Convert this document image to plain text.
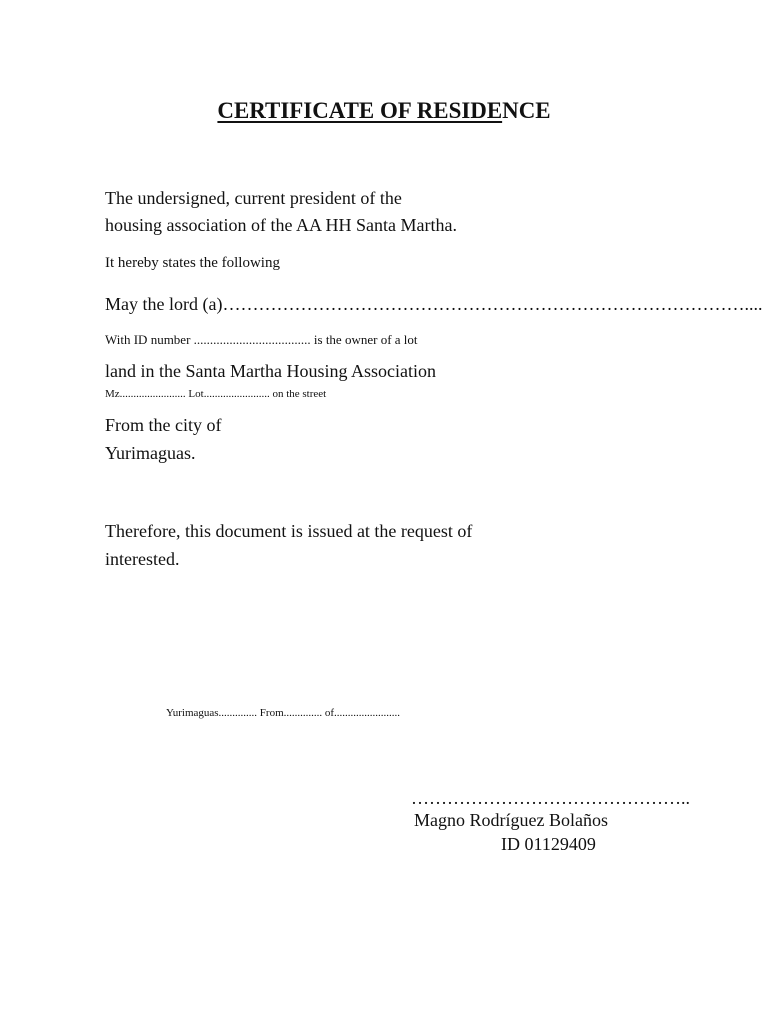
CERTIFICATE OF RESIDENCE

The undersigned, current president of the

housing association of the AA HH Santa Martha.

It hereby states the following

May the lord (a)……………………………………………………………………………....

With ID number .................................... is the owner of a lot

land in the Santa Martha Housing Association

Mz........................ Lot........................ on the street

From the city of

Yurimaguas.

Therefore, this document is issued at the request of

interested.

Yurimaguas.............. From.............. of........................

………………………………………..

Magno Rodríguez Bolaños

ID 01129409
